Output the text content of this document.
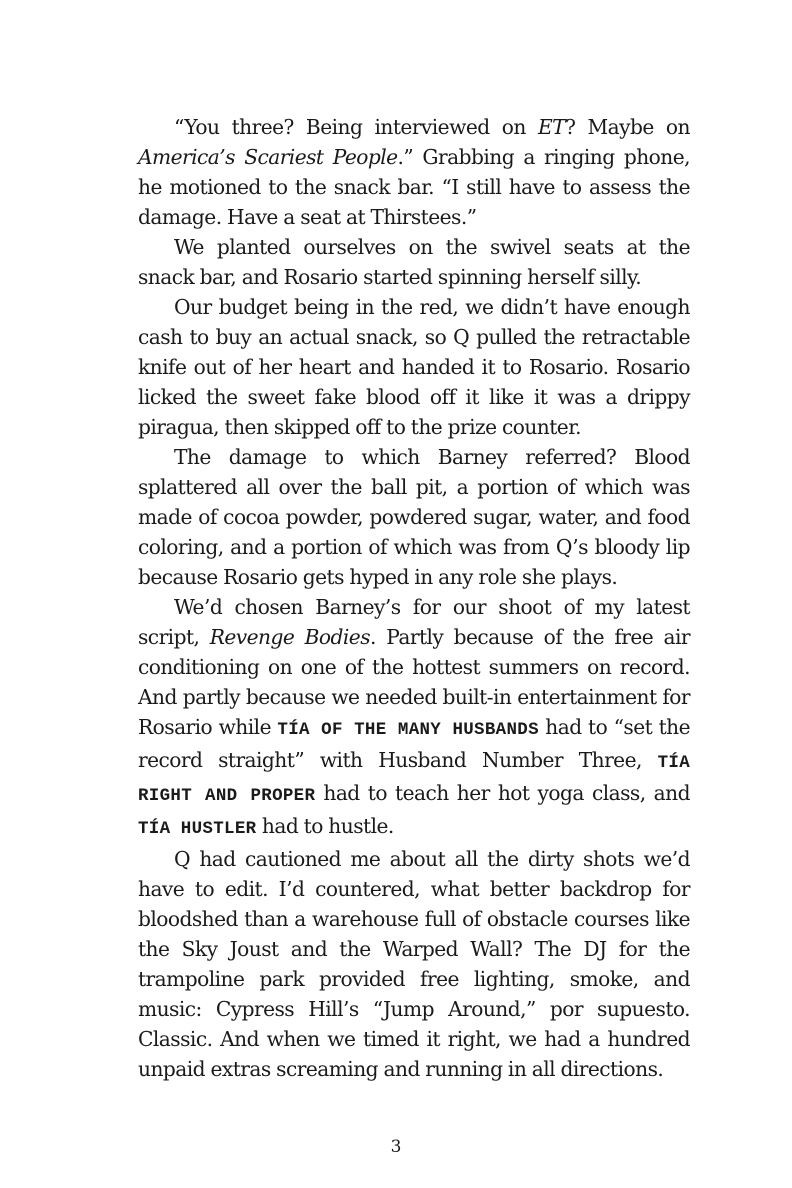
“You three? Being interviewed on ET? Maybe on America’s Scariest People.” Grabbing a ringing phone, he motioned to the snack bar. “I still have to assess the damage. Have a seat at Thirstees.”

We planted ourselves on the swivel seats at the snack bar, and Rosario started spinning herself silly.

Our budget being in the red, we didn’t have enough cash to buy an actual snack, so Q pulled the retractable knife out of her heart and handed it to Rosario. Rosario licked the sweet fake blood off it like it was a drippy piragua, then skipped off to the prize counter.

The damage to which Barney referred? Blood splattered all over the ball pit, a portion of which was made of cocoa powder, powdered sugar, water, and food coloring, and a portion of which was from Q’s bloody lip because Rosario gets hyped in any role she plays.

We’d chosen Barney’s for our shoot of my latest script, Revenge Bodies. Partly because of the free air conditioning on one of the hottest summers on record. And partly because we needed built-in entertainment for Rosario while TÍA OF THE MANY HUSBANDS had to “set the record straight” with Husband Number Three, TÍA RIGHT AND PROPER had to teach her hot yoga class, and TÍA HUSTLER had to hustle.

Q had cautioned me about all the dirty shots we’d have to edit. I’d countered, what better backdrop for bloodshed than a warehouse full of obstacle courses like the Sky Joust and the Warped Wall? The DJ for the trampoline park provided free lighting, smoke, and music: Cypress Hill’s “Jump Around,” por supuesto. Classic. And when we timed it right, we had a hundred unpaid extras screaming and running in all directions.

3
